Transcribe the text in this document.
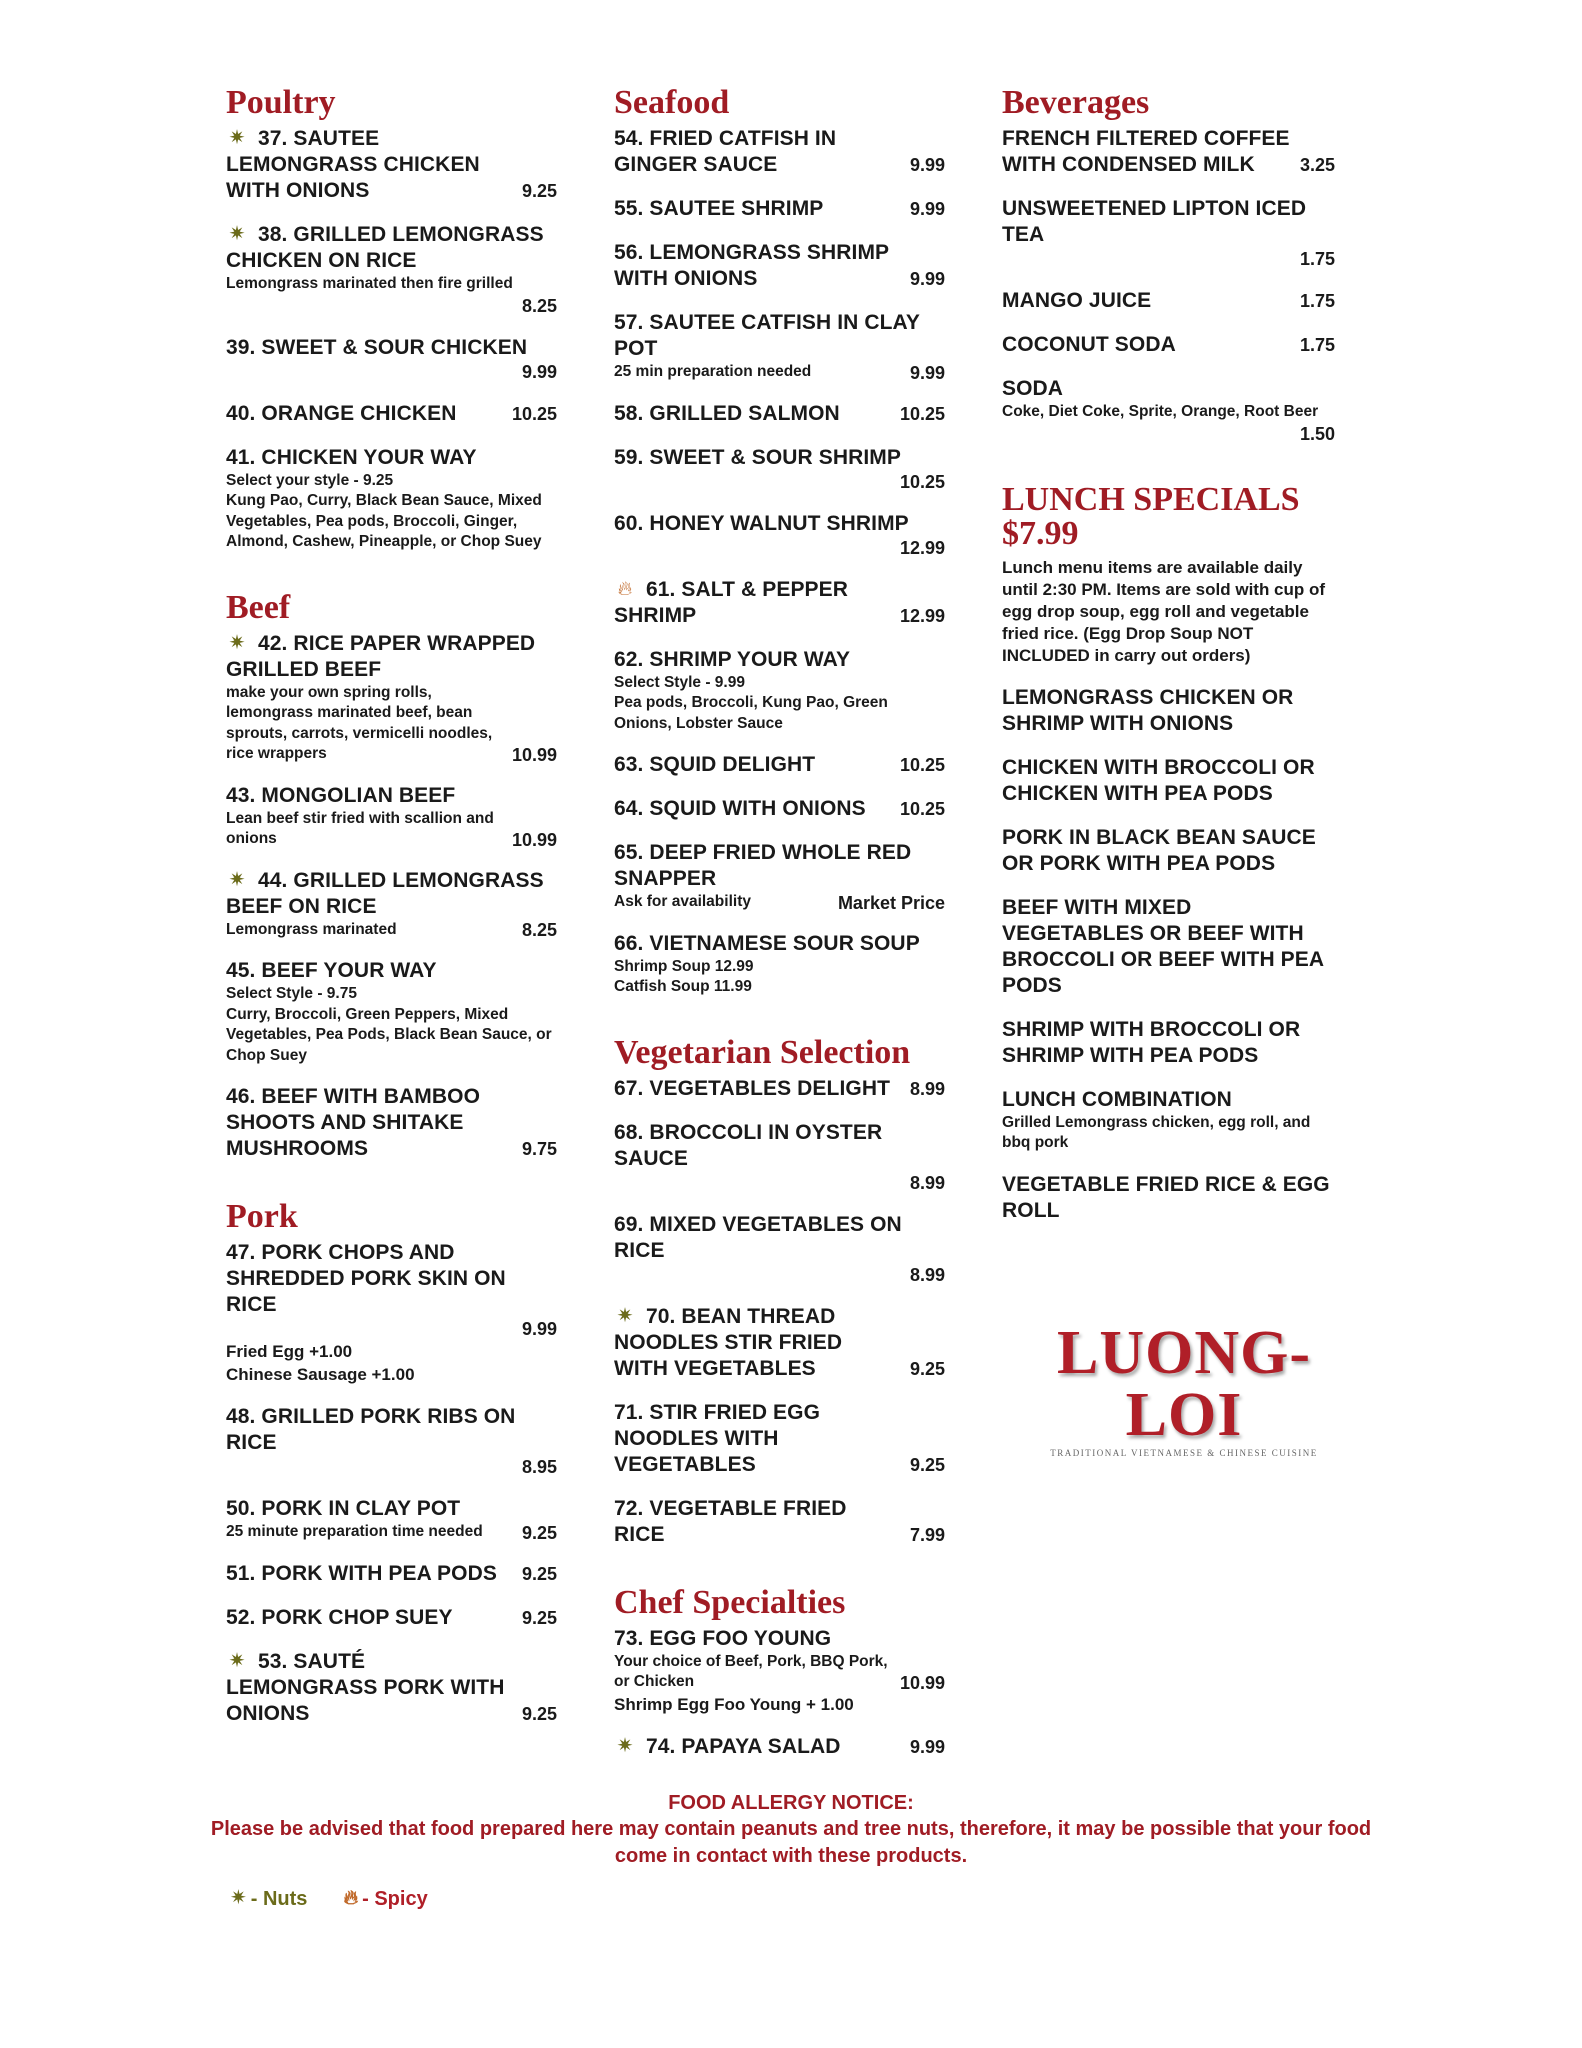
Poultry
✷ 37. SAUTEE LEMONGRASS CHICKEN WITH ONIONS	9.25
✷ 38. GRILLED LEMONGRASS CHICKEN ON RICE
Lemongrass marinated then fire grilled
8.25
39. SWEET & SOUR CHICKEN
9.99
40. ORANGE CHICKEN	10.25
41. CHICKEN YOUR WAY
Select your style - 9.25
Kung Pao, Curry, Black Bean Sauce, Mixed Vegetables, Pea pods, Broccoli, Ginger, Almond, Cashew, Pineapple, or Chop Suey
Beef
✷ 42. RICE PAPER WRAPPED GRILLED BEEF
make your own spring rolls, lemongrass marinated beef, bean sprouts, carrots, vermicelli noodles, rice wrappers	10.99
43. MONGOLIAN BEEF
Lean beef stir fried with scallion and onions	10.99
✷ 44. GRILLED LEMONGRASS BEEF ON RICE
Lemongrass marinated	8.25
45. BEEF YOUR WAY
Select Style - 9.75
Curry, Broccoli, Green Peppers, Mixed Vegetables, Pea Pods, Black Bean Sauce, or Chop Suey
46. BEEF WITH BAMBOO SHOOTS AND SHITAKE MUSHROOMS	9.75
Pork
47. PORK CHOPS AND SHREDDED PORK SKIN ON RICE
9.99
Fried Egg +1.00
Chinese Sausage +1.00
48. GRILLED PORK RIBS ON RICE
8.95
50. PORK IN CLAY POT
25 minute preparation time needed	9.25
51. PORK WITH PEA PODS	9.25
52. PORK CHOP SUEY	9.25
✷ 53. SAUTÉ LEMONGRASS PORK WITH ONIONS	9.25
Seafood
54. FRIED CATFISH IN GINGER SAUCE	9.99
55. SAUTEE SHRIMP	9.99
56. LEMONGRASS SHRIMP WITH ONIONS	9.99
57. SAUTEE CATFISH IN CLAY POT
25 min preparation needed	9.99
58. GRILLED SALMON	10.25
59. SWEET & SOUR SHRIMP
10.25
60. HONEY WALNUT SHRIMP
12.99
🔥︎ 61. SALT & PEPPER SHRIMP	12.99
62. SHRIMP YOUR WAY
Select Style - 9.99
Pea pods, Broccoli, Kung Pao, Green Onions, Lobster Sauce
63. SQUID DELIGHT	10.25
64. SQUID WITH ONIONS	10.25
65. DEEP FRIED WHOLE RED SNAPPER
Ask for availability	Market Price
66. VIETNAMESE SOUR SOUP
Shrimp Soup 12.99
Catfish Soup 11.99
Vegetarian Selection
67. VEGETABLES DELIGHT	8.99
68. BROCCOLI IN OYSTER SAUCE
8.99
69. MIXED VEGETABLES ON RICE
8.99
✷ 70. BEAN THREAD NOODLES STIR FRIED WITH VEGETABLES	9.25
71. STIR FRIED EGG NOODLES WITH VEGETABLES	9.25
72. VEGETABLE FRIED RICE	7.99
Chef Specialties
73. EGG FOO YOUNG
Your choice of Beef, Pork, BBQ Pork, or Chicken	10.99
Shrimp Egg Foo Young + 1.00
✷ 74. PAPAYA SALAD	9.99
Beverages
FRENCH FILTERED COFFEE WITH CONDENSED MILK	3.25
UNSWEETENED LIPTON ICED TEA
1.75
MANGO JUICE	1.75
COCONUT SODA	1.75
SODA
Coke, Diet Coke, Sprite, Orange, Root Beer
1.50
LUNCH SPECIALS $7.99
Lunch menu items are available daily until 2:30 PM. Items are sold with cup of egg drop soup, egg roll and vegetable fried rice. (Egg Drop Soup NOT INCLUDED in carry out orders)
LEMONGRASS CHICKEN OR SHRIMP WITH ONIONS
CHICKEN WITH BROCCOLI OR CHICKEN WITH PEA PODS
PORK IN BLACK BEAN SAUCE OR PORK WITH PEA PODS
BEEF WITH MIXED VEGETABLES OR BEEF WITH BROCCOLI OR BEEF WITH PEA PODS
SHRIMP WITH BROCCOLI OR SHRIMP WITH PEA PODS
LUNCH COMBINATION
Grilled Lemongrass chicken, egg roll, and bbq pork
VEGETABLE FRIED RICE & EGG ROLL
LUONG-LOI
TRADITIONAL VIETNAMESE & CHINESE CUISINE
FOOD ALLERGY NOTICE:
Please be advised that food prepared here may contain peanuts and tree nuts, therefore, it may be possible that your food come in contact with these products.
✷ - Nuts 🔥︎ - Spicy
